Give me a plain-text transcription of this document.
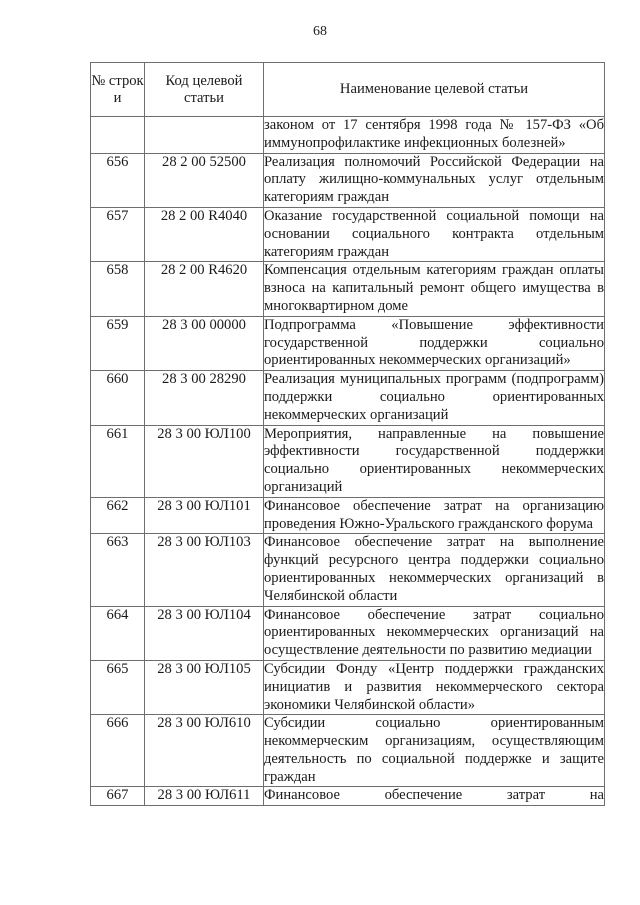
68
№ строк и	Код целевой статьи	Наименование целевой статьи
		законом от 17 сентября 1998 года № 157-ФЗ «Об иммунопрофилактике инфекционных болезней»
656	28 2 00 52500	Реализация полномочий Российской Федерации на оплату жилищно-коммунальных услуг отдельным категориям граждан
657	28 2 00 R4040	Оказание государственной социальной помощи на основании социального контракта отдельным категориям граждан
658	28 2 00 R4620	Компенсация отдельным категориям граждан оплаты взноса на капитальный ремонт общего имущества в многоквартирном доме
659	28 3 00 00000	Подпрограмма «Повышение эффективности государственной поддержки социально ориентированных некоммерческих организаций»
660	28 3 00 28290	Реализация муниципальных программ (подпрограмм) поддержки социально ориентированных некоммерческих организаций
661	28 3 00 ЮЛ100	Мероприятия, направленные на повышение эффективности государственной поддержки социально ориентированных некоммерческих организаций
662	28 3 00 ЮЛ101	Финансовое обеспечение затрат на организацию проведения Южно-Уральского гражданского форума
663	28 3 00 ЮЛ103	Финансовое обеспечение затрат на выполнение функций ресурсного центра поддержки социально ориентированных некоммерческих организаций в Челябинской области
664	28 3 00 ЮЛ104	Финансовое обеспечение затрат социально ориентированных некоммерческих организаций на осуществление деятельности по развитию медиации
665	28 3 00 ЮЛ105	Субсидии Фонду «Центр поддержки гражданских инициатив и развития некоммерческого сектора экономики Челябинской области»
666	28 3 00 ЮЛ610	Субсидии социально ориентированным некоммерческим организациям, осуществляющим деятельность по социальной поддержке и защите граждан
667	28 3 00 ЮЛ611	Финансовое обеспечение затрат на
